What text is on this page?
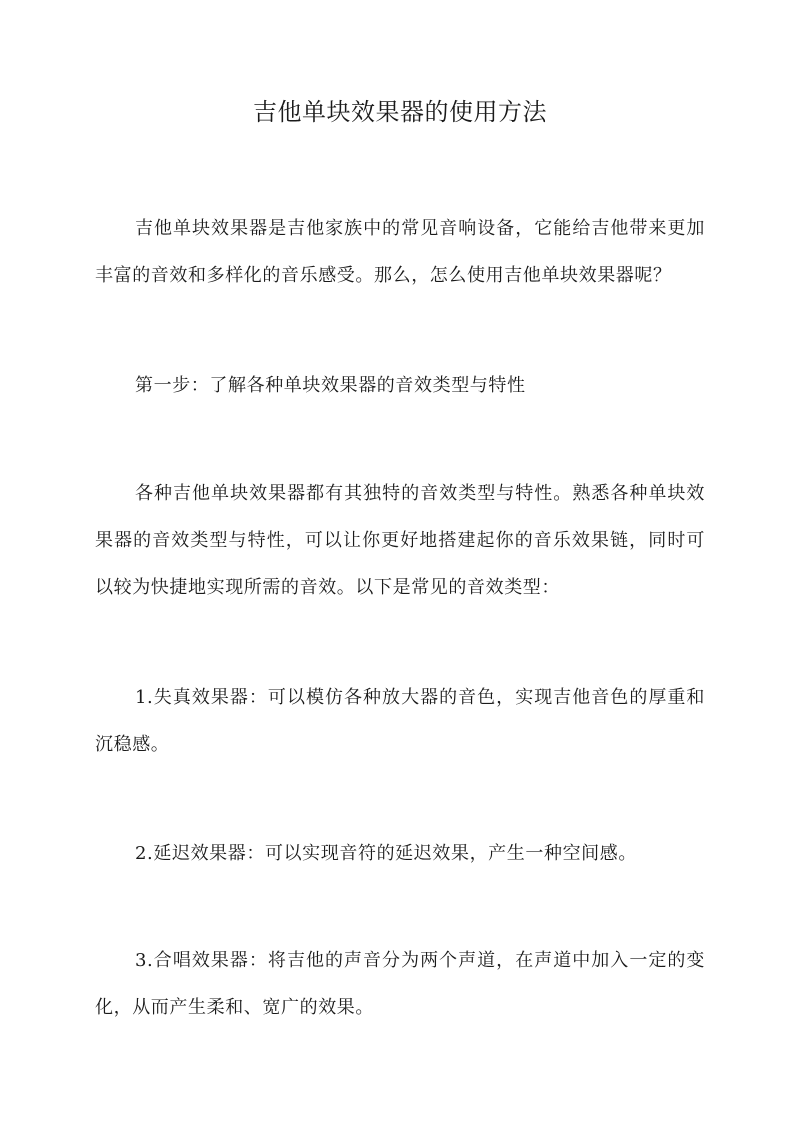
吉他单块效果器的使用方法

吉他单块效果器是吉他家族中的常见音响设备，它能给吉他带来更加丰富的音效和多样化的音乐感受。那么，怎么使用吉他单块效果器呢？

第一步：了解各种单块效果器的音效类型与特性

各种吉他单块效果器都有其独特的音效类型与特性。熟悉各种单块效果器的音效类型与特性，可以让你更好地搭建起你的音乐效果链，同时可以较为快捷地实现所需的音效。以下是常见的音效类型：

1.失真效果器：可以模仿各种放大器的音色，实现吉他音色的厚重和沉稳感。

2.延迟效果器：可以实现音符的延迟效果，产生一种空间感。

3.合唱效果器：将吉他的声音分为两个声道，在声道中加入一定的变化，从而产生柔和、宽广的效果。
